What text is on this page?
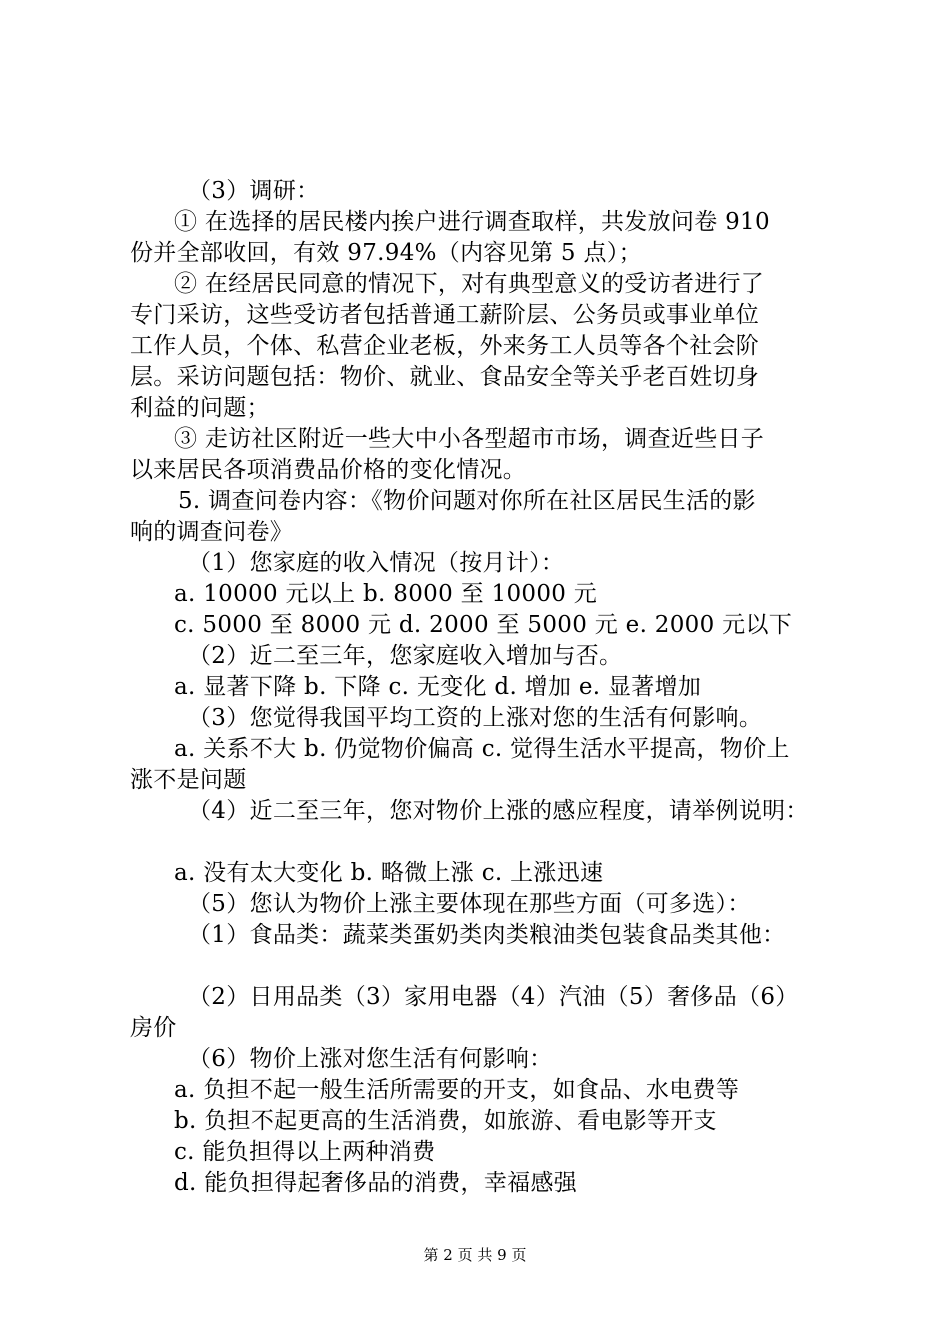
（3）调研：
① 在选择的居民楼内挨户进行调查取样，共发放问卷 910
份并全部收回，有效 97.94%（内容见第 5 点）；
② 在经居民同意的情况下，对有典型意义的受访者进行了
专门采访，这些受访者包括普通工薪阶层、公务员或事业单位
工作人员，个体、私营企业老板，外来务工人员等各个社会阶
层。采访问题包括：物价、就业、食品安全等关乎老百姓切身
利益的问题；
③ 走访社区附近一些大中小各型超市市场，调查近些日子
以来居民各项消费品价格的变化情况。
5. 调查问卷内容：《物价问题对你所在社区居民生活的影
响的调查问卷》
（1）您家庭的收入情况（按月计）：
a. 10000 元以上 b. 8000 至 10000 元
c. 5000 至 8000 元 d. 2000 至 5000 元 e. 2000 元以下
（2）近二至三年，您家庭收入增加与否。
a. 显著下降 b. 下降 c. 无变化 d. 增加 e. 显著增加
（3）您觉得我国平均工资的上涨对您的生活有何影响。
a. 关系不大 b. 仍觉物价偏高 c. 觉得生活水平提高，物价上
涨不是问题
（4）近二至三年，您对物价上涨的感应程度，请举例说明：
a. 没有太大变化 b. 略微上涨 c. 上涨迅速
（5）您认为物价上涨主要体现在那些方面（可多选）：
（1）食品类：蔬菜类蛋奶类肉类粮油类包装食品类其他：
（2）日用品类（3）家用电器（4）汽油（5）奢侈品（6）
房价
（6）物价上涨对您生活有何影响：
a. 负担不起一般生活所需要的开支，如食品、水电费等
b. 负担不起更高的生活消费，如旅游、看电影等开支
c. 能负担得以上两种消费
d. 能负担得起奢侈品的消费，幸福感强
第 2 页 共 9 页
